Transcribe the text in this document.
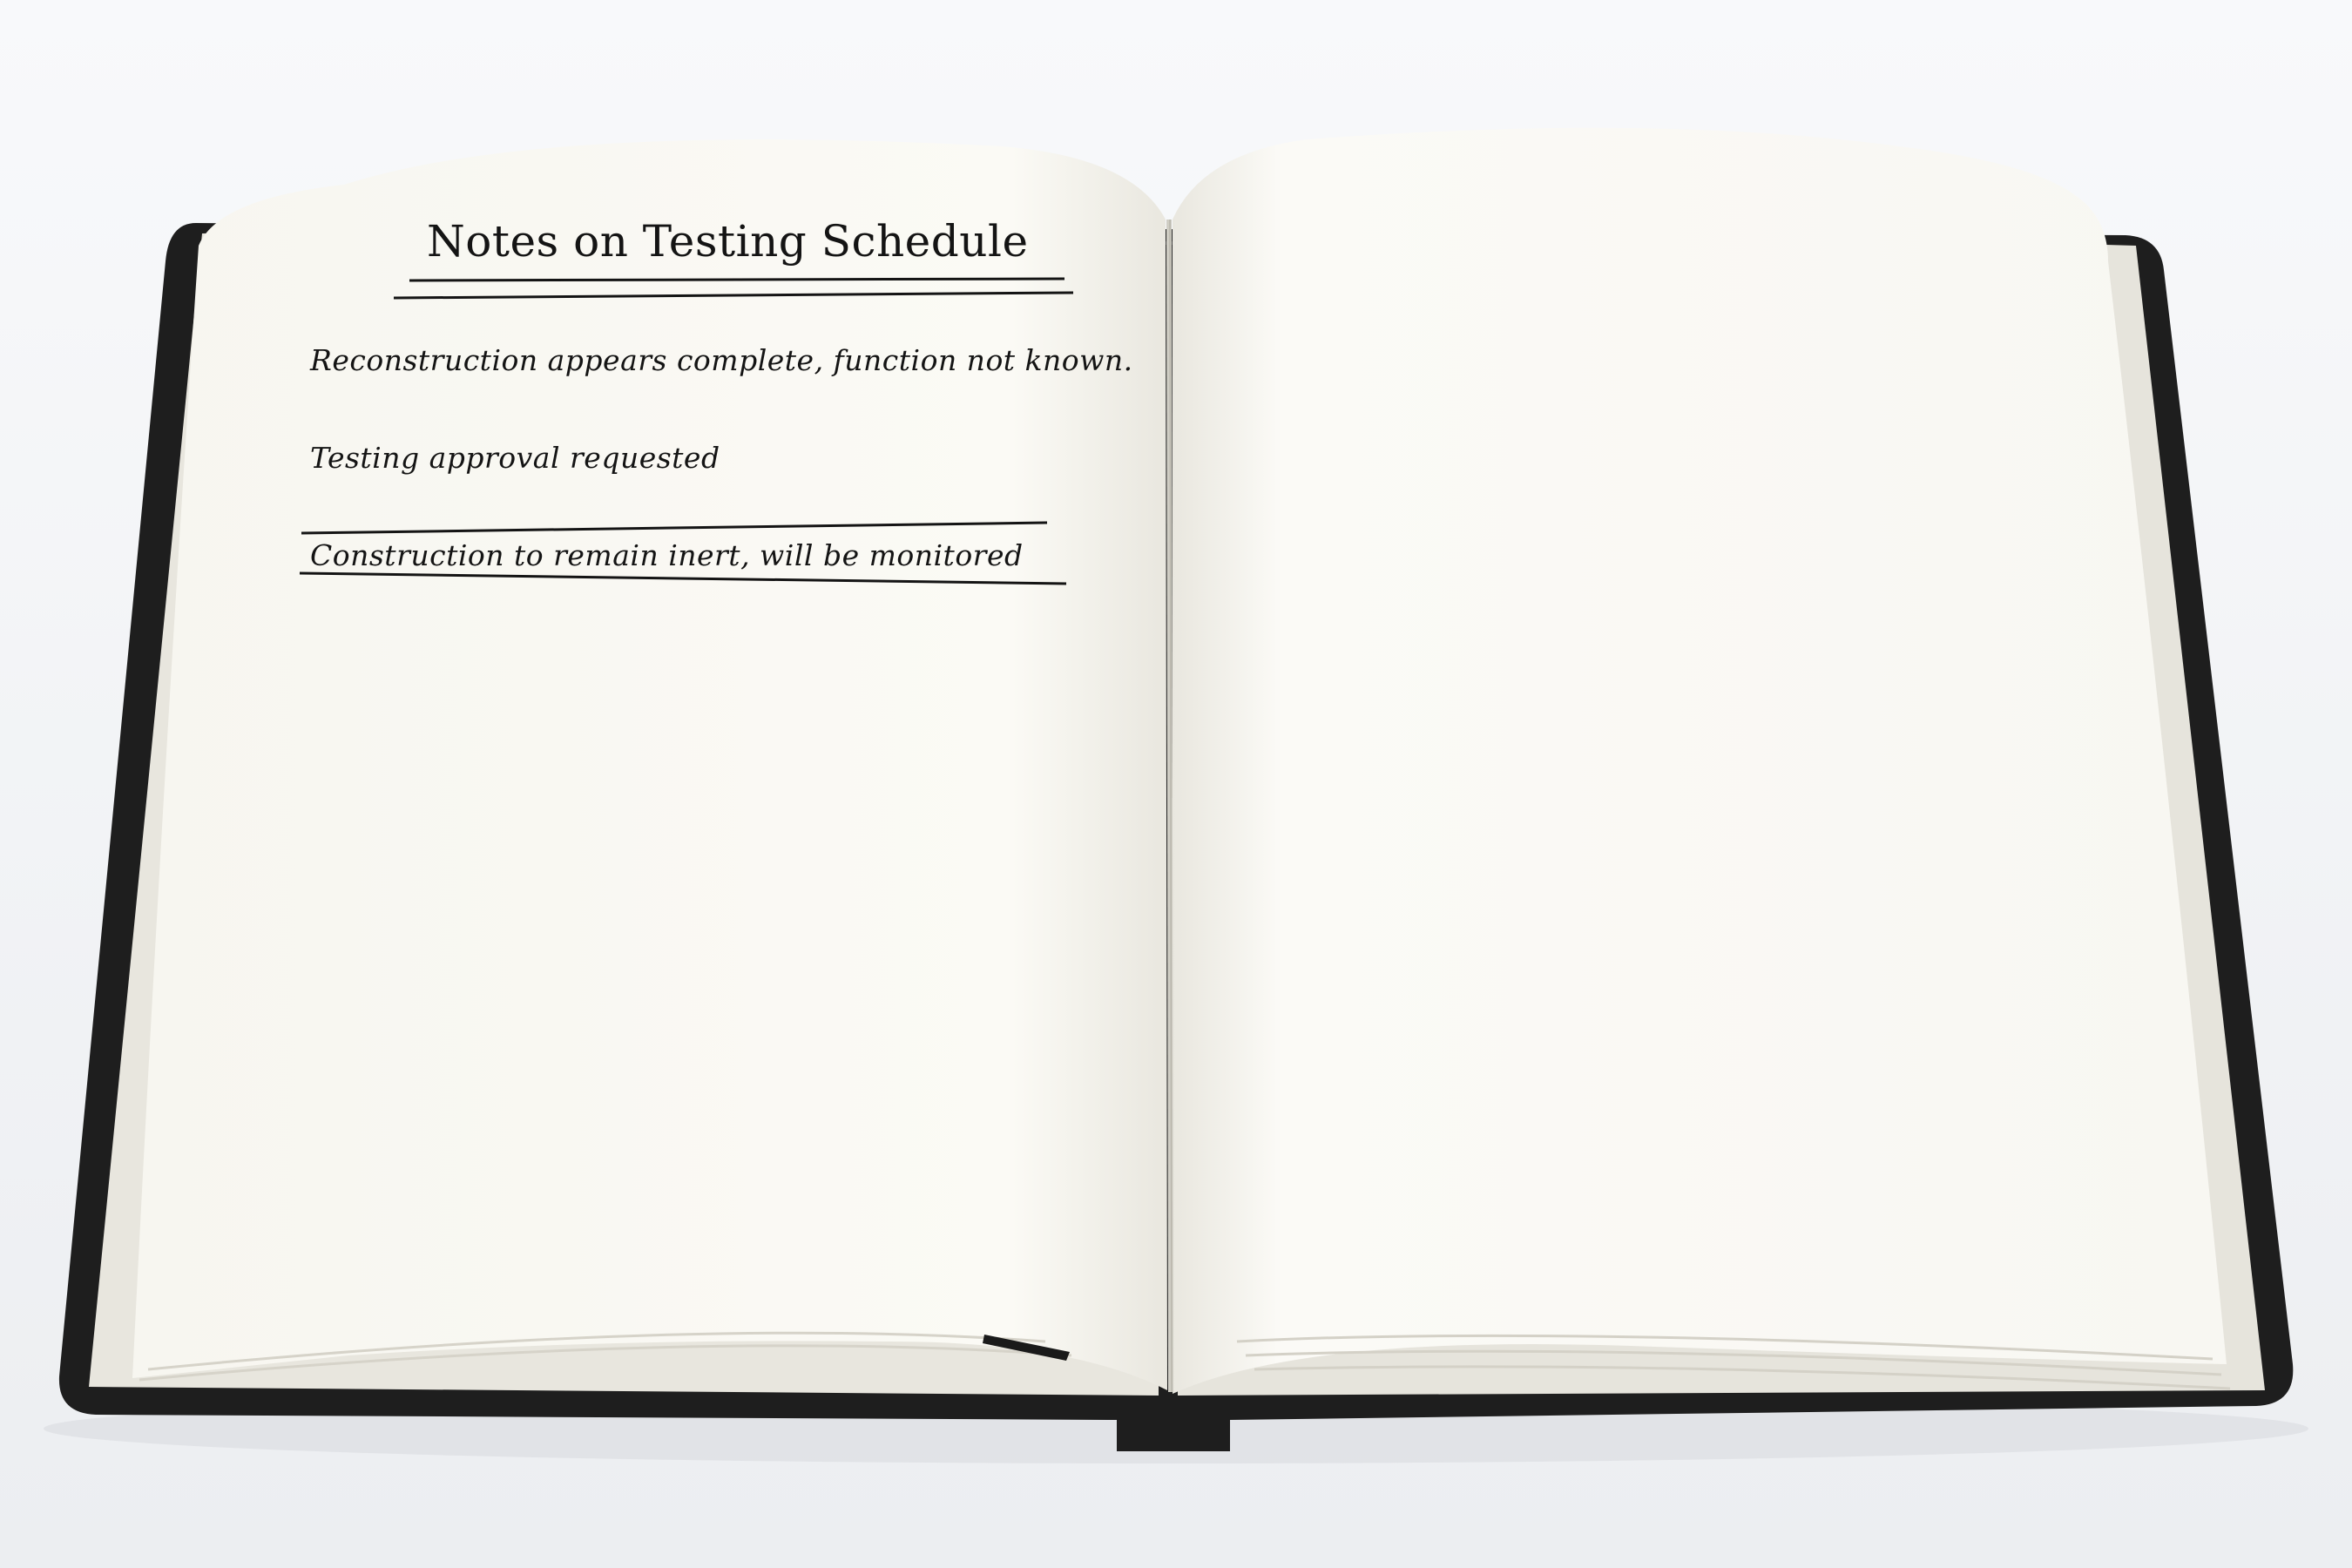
Notes on Testing Schedule

Reconstruction appears complete, function not known.

Testing approval requested

Construction to remain inert, will be monitored
